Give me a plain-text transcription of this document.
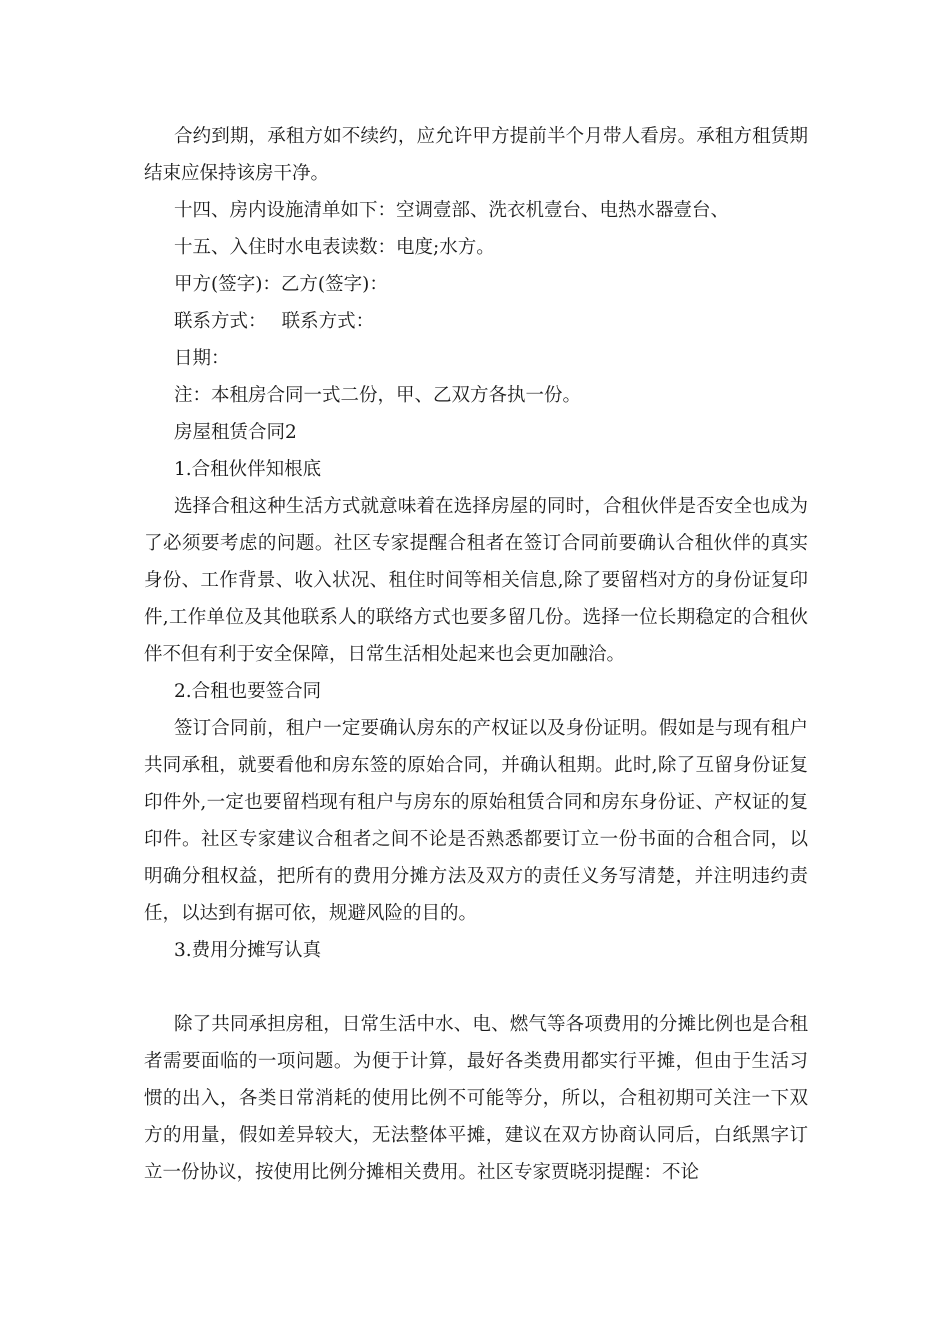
合约到期，承租方如不续约，应允许甲方提前半个月带人看房。承租方租赁期结束应保持该房干净。

十四、房内设施清单如下：空调壹部、洗衣机壹台、电热水器壹台、

十五、入住时水电表读数：电度;水方。

甲方(签字)：乙方(签字)：

联系方式：　 联系方式：

日期：

注：本租房合同一式二份，甲、乙双方各执一份。

房屋租赁合同2

1.合租伙伴知根底

选择合租这种生活方式就意味着在选择房屋的同时，合租伙伴是否安全也成为了必须要考虑的问题。社区专家提醒合租者在签订合同前要确认合租伙伴的真实身份、工作背景、收入状况、租住时间等相关信息,除了要留档对方的身份证复印件,工作单位及其他联系人的联络方式也要多留几份。选择一位长期稳定的合租伙伴不但有利于安全保障，日常生活相处起来也会更加融洽。

2.合租也要签合同

签订合同前，租户一定要确认房东的产权证以及身份证明。假如是与现有租户共同承租，就要看他和房东签的原始合同，并确认租期。此时,除了互留身份证复印件外,一定也要留档现有租户与房东的原始租赁合同和房东身份证、产权证的复印件。社区专家建议合租者之间不论是否熟悉都要订立一份书面的合租合同，以明确分租权益，把所有的费用分摊方法及双方的责任义务写清楚，并注明违约责任，以达到有据可依，规避风险的目的。

3.费用分摊写认真

除了共同承担房租，日常生活中水、电、燃气等各项费用的分摊比例也是合租者需要面临的一项问题。为便于计算，最好各类费用都实行平摊，但由于生活习惯的出入，各类日常消耗的使用比例不可能等分，所以，合租初期可关注一下双方的用量，假如差异较大，无法整体平摊，建议在双方协商认同后，白纸黑字订立一份协议，按使用比例分摊相关费用。社区专家贾晓羽提醒：不论
